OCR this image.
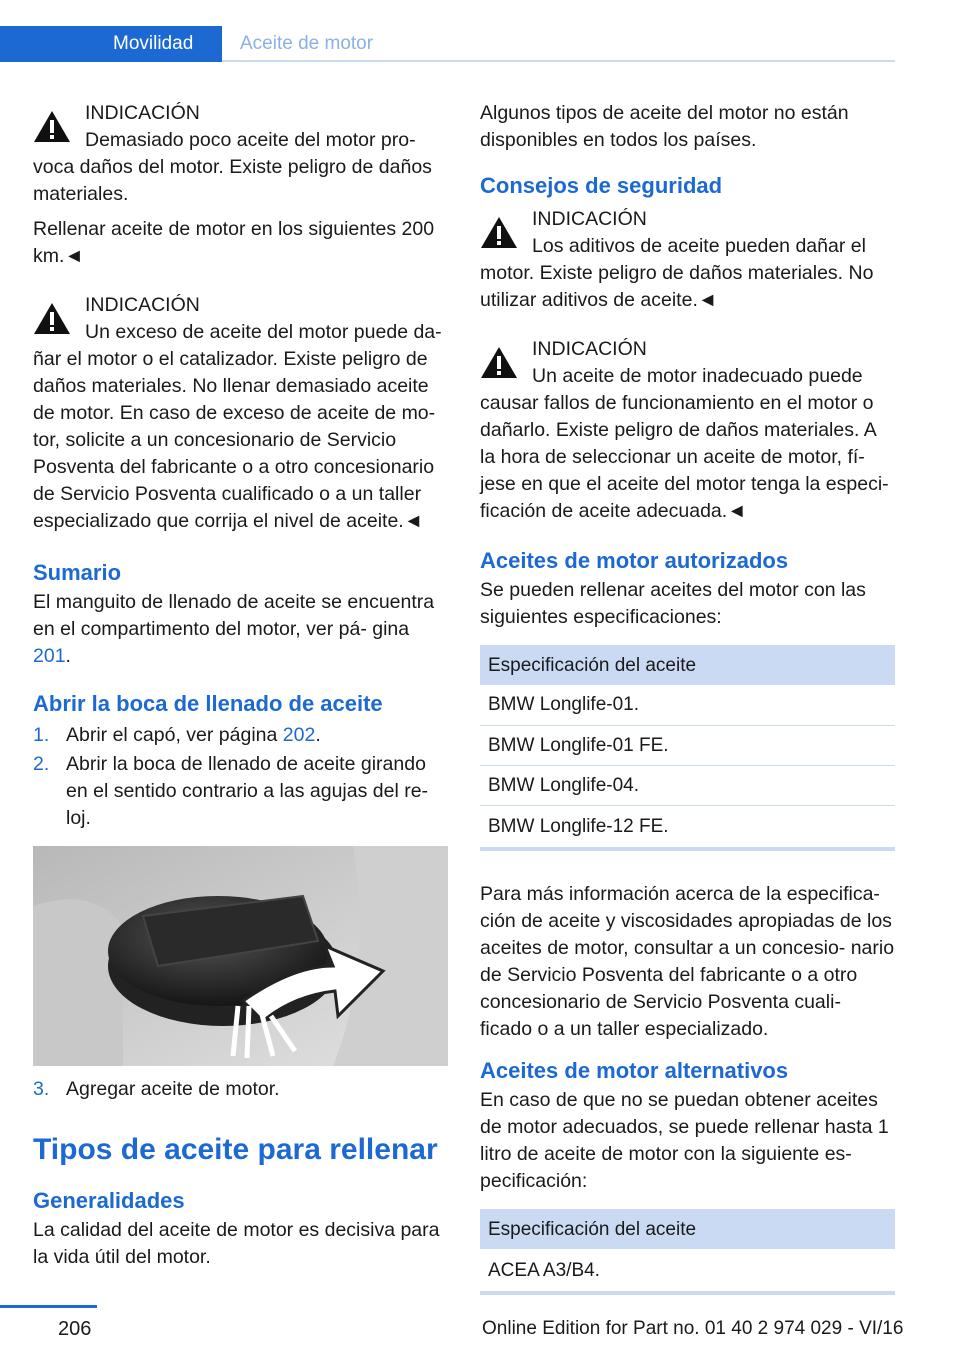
Movilidad	Aceite de motor
INDICACIÓN
Demasiado poco aceite del motor pro-
voca daños del motor. Existe peligro de daños materiales.

Rellenar aceite de motor en los siguientes 200 km.◄

INDICACIÓN
Un exceso de aceite del motor puede da-
ñar el motor o el catalizador. Existe peligro de daños materiales. No llenar demasiado aceite de motor. En caso de exceso de aceite de mo- tor, solicite a un concesionario de Servicio Posventa del fabricante o a otro concesionario de Servicio Posventa cualificado o a un taller especializado que corrija el nivel de aceite.◄
Sumario

El manguito de llenado de aceite se encuentra en el compartimento del motor, ver pá- gina 201.

Abrir la boca de llenado de aceite
1. Abrir el capó, ver página 202.
2. Abrir la boca de llenado de aceite girando en el sentido contrario a las agujas del re- loj.
3. Agregar aceite de motor.
Tipos de aceite para rellenar
Generalidades

La calidad del aceite de motor es decisiva para la vida útil del motor.

Algunos tipos de aceite del motor no están disponibles en todos los países.

Consejos de seguridad
INDICACIÓN
Los aditivos de aceite pueden dañar el
motor. Existe peligro de daños materiales. No utilizar aditivos de aceite.◄
INDICACIÓN
Un aceite de motor inadecuado puede
causar fallos de funcionamiento en el motor o dañarlo. Existe peligro de daños materiales. A la hora de seleccionar un aceite de motor, fí- jese en que el aceite del motor tenga la especi- ficación de aceite adecuada.◄
Aceites de motor autorizados

Se pueden rellenar aceites del motor con las siguientes especificaciones:

Especificación del aceite
BMW Longlife-01.
BMW Longlife-01 FE.
BMW Longlife-04.
BMW Longlife-12 FE.

Para más información acerca de la especifica- ción de aceite y viscosidades apropiadas de los aceites de motor, consultar a un concesio- nario de Servicio Posventa del fabricante o a otro concesionario de Servicio Posventa cuali- ficado o a un taller especializado.

Aceites de motor alternativos

En caso de que no se puedan obtener aceites de motor adecuados, se puede rellenar hasta 1 litro de aceite de motor con la siguiente es- pecificación:

Especificación del aceite
ACEA A3/B4.
206	Online Edition for Part no. 01 40 2 974 029 - VI/16
